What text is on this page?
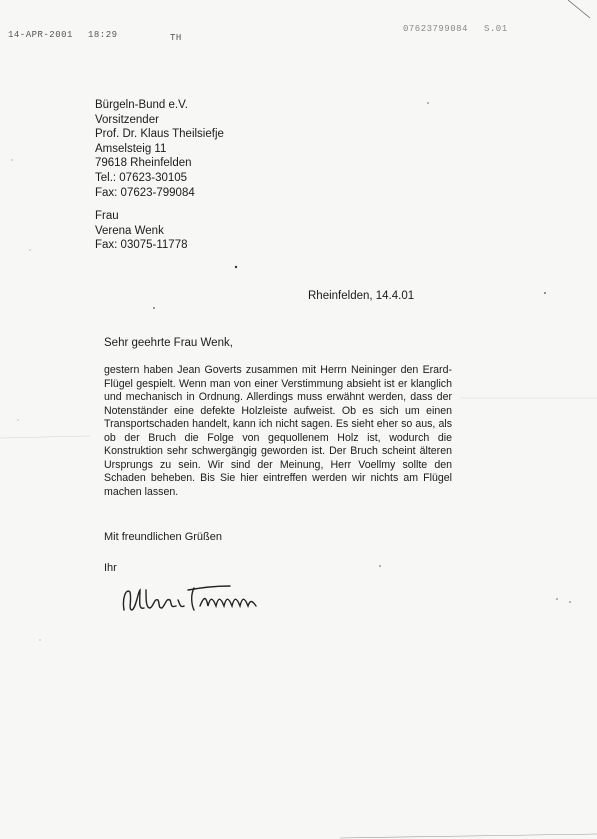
14-APR-2001 18:29	TH
07623799084 S.01
Bürgeln-Bund e.V.
Vorsitzender
Prof. Dr. Klaus Theilsiefje
Amselsteig 11
79618 Rheinfelden
Tel.: 07623-30105
Fax: 07623-799084
Frau
Verena Wenk
Fax: 03075-11778
Rheinfelden, 14.4.01
Sehr geehrte Frau Wenk,
gestern haben Jean Goverts zusammen mit Herrn Neininger den Erard-Flügel gespielt. Wenn man von einer Verstimmung absieht ist er klanglich und mechanisch in Ordnung. Allerdings muss erwähnt werden, dass der Notenständer eine defekte Holzleiste aufweist. Ob es sich um einen Transportschaden handelt, kann ich nicht sagen. Es sieht eher so aus, als ob der Bruch die Folge von gequollenem Holz ist, wodurch die Konstruktion sehr schwergängig geworden ist. Der Bruch scheint älteren Ursprungs zu sein. Wir sind der Meinung, Herr Voellmy sollte den Schaden beheben. Bis Sie hier eintreffen werden wir nichts am Flügel machen lassen.
Mit freundlichen Grüßen
Ihr
